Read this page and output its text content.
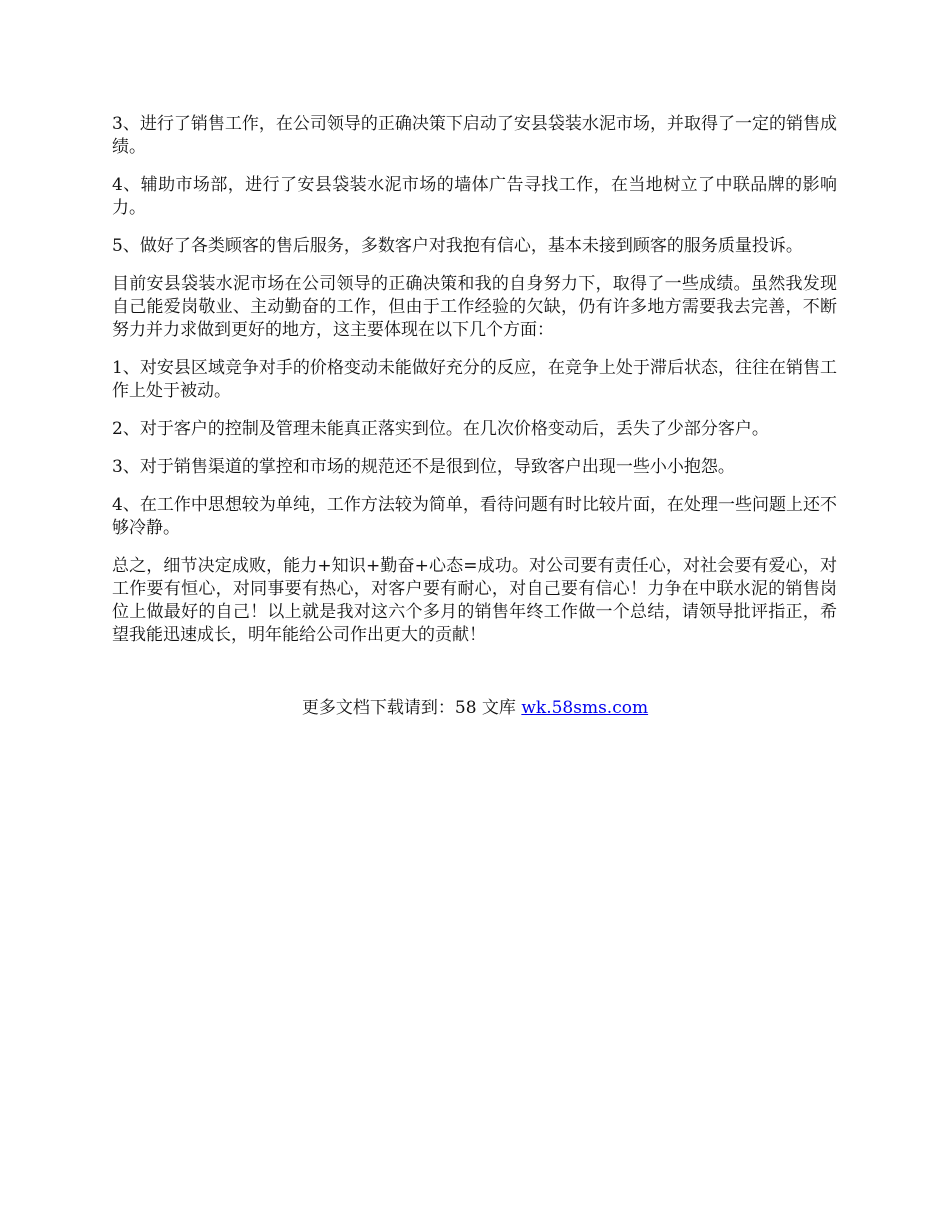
3、进行了销售工作，在公司领导的正确决策下启动了安县袋装水泥市场，并取得了一定的销售成绩。

4、辅助市场部，进行了安县袋装水泥市场的墙体广告寻找工作，在当地树立了中联品牌的影响力。

5、做好了各类顾客的售后服务，多数客户对我抱有信心，基本未接到顾客的服务质量投诉。

目前安县袋装水泥市场在公司领导的正确决策和我的自身努力下，取得了一些成绩。虽然我发现自己能爱岗敬业、主动勤奋的工作，但由于工作经验的欠缺，仍有许多地方需要我去完善，不断努力并力求做到更好的地方，这主要体现在以下几个方面：

1、对安县区域竞争对手的价格变动未能做好充分的反应，在竞争上处于滞后状态，往往在销售工作上处于被动。

2、对于客户的控制及管理未能真正落实到位。在几次价格变动后，丢失了少部分客户。

3、对于销售渠道的掌控和市场的规范还不是很到位，导致客户出现一些小小抱怨。

4、在工作中思想较为单纯，工作方法较为简单，看待问题有时比较片面，在处理一些问题上还不够冷静。

总之，细节决定成败，能力+知识+勤奋+心态=成功。对公司要有责任心，对社会要有爱心，对工作要有恒心，对同事要有热心，对客户要有耐心，对自己要有信心！力争在中联水泥的销售岗位上做最好的自己！以上就是我对这六个多月的销售年终工作做一个总结，请领导批评指正，希望我能迅速成长，明年能给公司作出更大的贡献！

更多文档下载请到：58 文库 wk.58sms.com
